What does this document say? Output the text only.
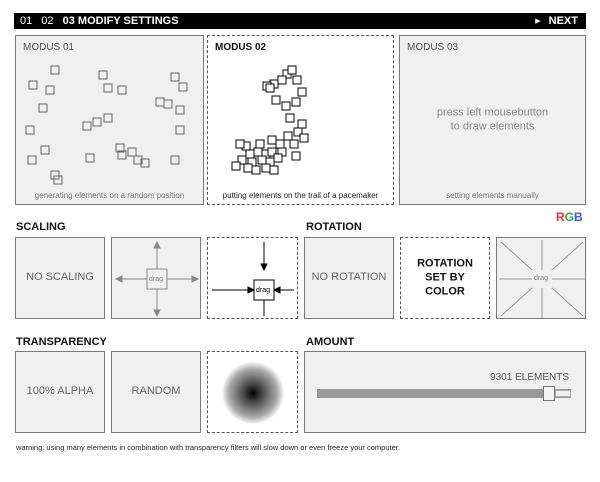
01 02 03 MODIFY SETTINGS	▶ NEXT
MODUS 01
generating elements on a random position
MODUS 02
putting elements on the trail of a pacemaker
MODUS 03
press left mousebutton
to draw elements
setting elements manually
RGB
SCALING
NO SCALING	drag
drag
ROTATION
NO ROTATION
ROTATION
SET BY
COLOR
drag
TRANSPARENCY
100% ALPHA	RANDOM
AMOUNT
9301 ELEMENTS
warning: using many elements in combination with transparency filters will slow down or even freeze your computer.
